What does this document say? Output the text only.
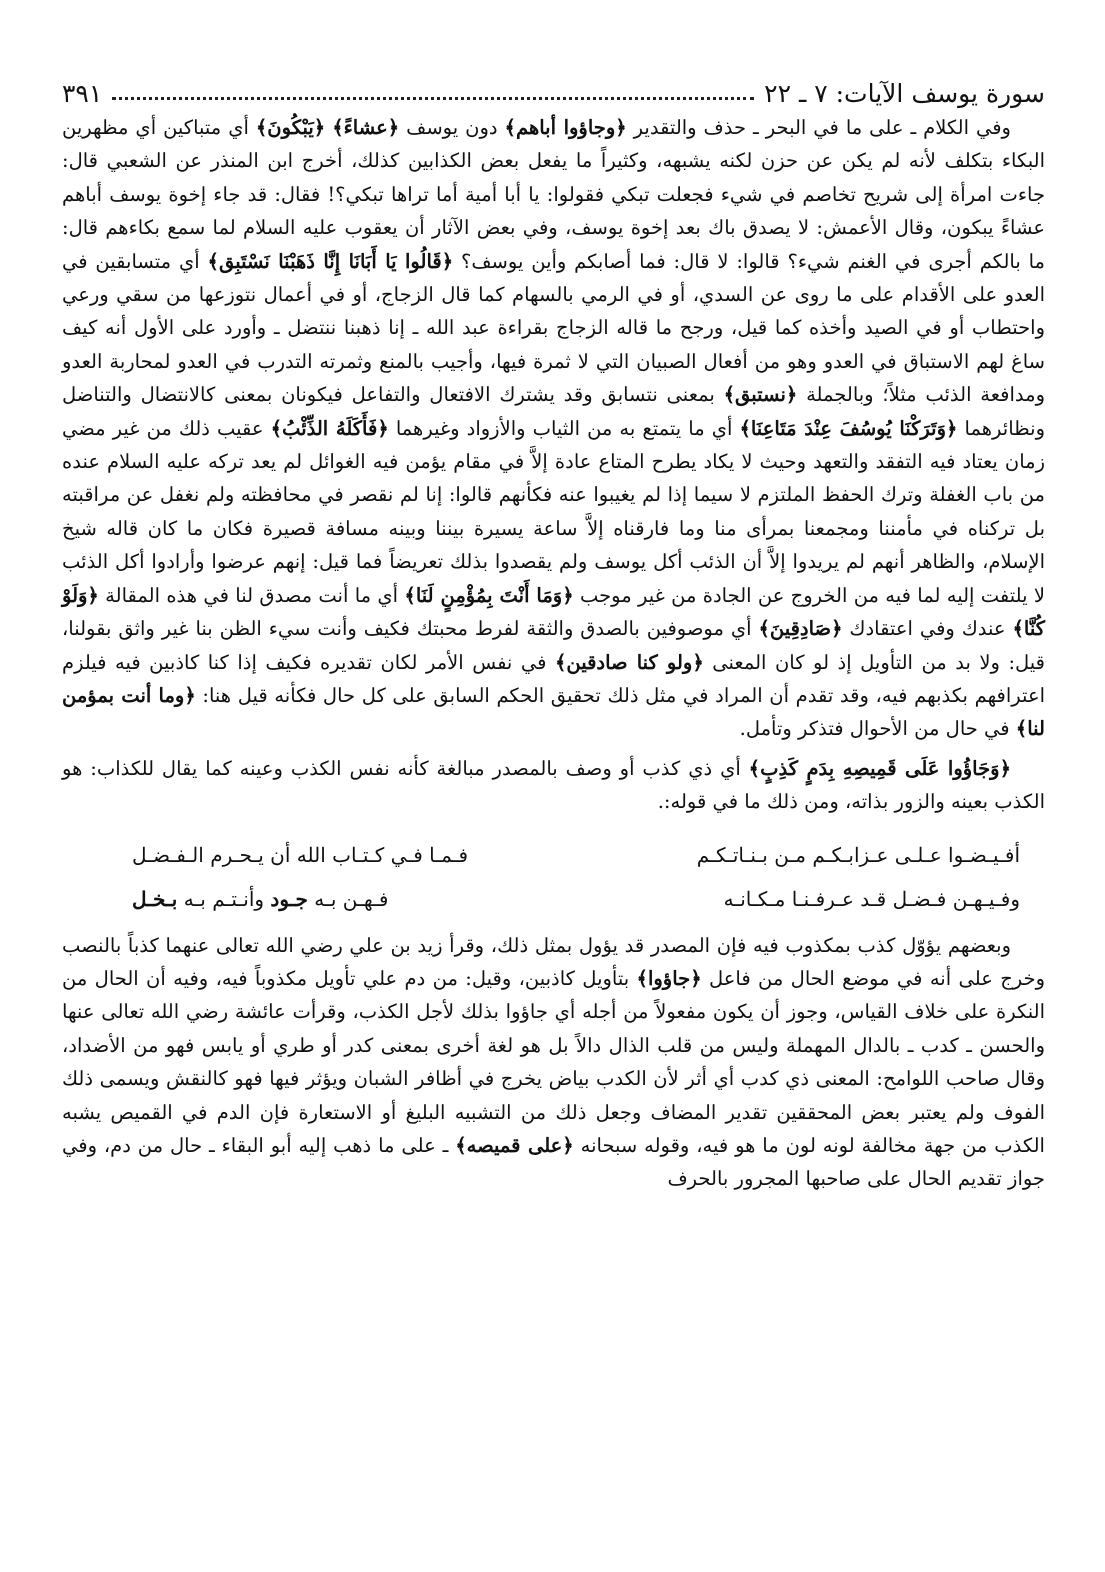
سورة يوسف الآيات: ٧ ـ ٢٢
٣٩١

وفي الكلام ـ على ما في البحر ـ حذف والتقدير ﴿وجاؤوا أباهم﴾ دون يوسف ﴿عشاءً﴾ ﴿يَبْكُونَ﴾ أي متباكين أي مظهرين البكاء بتكلف لأنه لم يكن عن حزن لكنه يشبهه، وكثيراً ما يفعل بعض الكذابين كذلك، أخرج ابن المنذر عن الشعبي قال: جاءت امرأة إلى شريح تخاصم في شيء فجعلت تبكي فقولوا: يا أبا أمية أما تراها تبكي؟! فقال: قد جاء إخوة يوسف أباهم عشاءً يبكون، وقال الأعمش: لا يصدق باك بعد إخوة يوسف، وفي بعض الآثار أن يعقوب عليه السلام لما سمع بكاءهم قال: ما بالكم أجرى في الغنم شيء؟ قالوا: لا قال: فما أصابكم وأين يوسف؟ ﴿قَالُوا يَا أَبَانَا إِنَّا ذَهَبْنَا نَسْتَبِق﴾ أي متسابقين في العدو على الأقدام على ما روى عن السدي، أو في الرمي بالسهام كما قال الزجاج، أو في أعمال نتوزعها من سقي ورعي واحتطاب أو في الصيد وأخذه كما قيل، ورجح ما قاله الزجاج بقراءة عبد الله ـ إنا ذهبنا ننتضل ـ وأورد على الأول أنه كيف ساغ لهم الاستباق في العدو وهو من أفعال الصبيان التي لا ثمرة فيها، وأجيب بالمنع وثمرته التدرب في العدو لمحاربة العدو ومدافعة الذئب مثلاً؛ وبالجملة ﴿نستبق﴾ بمعنى نتسابق وقد يشترك الافتعال والتفاعل فيكونان بمعنى كالانتضال والتناضل ونظائرهما ﴿وَتَرَكْنَا يُوسُفَ عِنْدَ مَتَاعِنَا﴾ أي ما يتمتع به من الثياب والأزواد وغيرهما ﴿فَأَكَلَهُ الذِّئْبُ﴾ عقيب ذلك من غير مضي زمان يعتاد فيه التفقد والتعهد وحيث لا يكاد يطرح المتاع عادة إلاَّ في مقام يؤمن فيه الغوائل لم يعد تركه عليه السلام عنده من باب الغفلة وترك الحفظ الملتزم لا سيما إذا لم يغيبوا عنه فكأنهم قالوا: إنا لم نقصر في محافظته ولم نغفل عن مراقبته بل تركناه في مأمننا ومجمعنا بمرأى منا وما فارقناه إلاَّ ساعة يسيرة بيننا وبينه مسافة قصيرة فكان ما كان قاله شيخ الإسلام، والظاهر أنهم لم يريدوا إلاَّ أن الذئب أكل يوسف ولم يقصدوا بذلك تعريضاً فما قيل: إنهم عرضوا وأرادوا أكل الذئب لا يلتفت إليه لما فيه من الخروج عن الجادة من غير موجب ﴿وَمَا أَنْتَ بِمُؤْمِنٍ لَنَا﴾ أي ما أنت مصدق لنا في هذه المقالة ﴿وَلَوْ كُنَّا﴾ عندك وفي اعتقادك ﴿صَادِقِينَ﴾ أي موصوفين بالصدق والثقة لفرط محبتك فكيف وأنت سيء الظن بنا غير واثق بقولنا، قيل: ولا بد من التأويل إذ لو كان المعنى ﴿ولو كنا صادقين﴾ في نفس الأمر لكان تقديره فكيف إذا كنا كاذبين فيه فيلزم اعترافهم بكذبهم فيه، وقد تقدم أن المراد في مثل ذلك تحقيق الحكم السابق على كل حال فكأنه قيل هنا: ﴿وما أنت بمؤمن لنا﴾ في حال من الأحوال فتذكر وتأمل.

﴿وَجَاؤُوا عَلَى قَمِيصِهِ بِدَمٍ كَذِبٍ﴾ أي ذي كذب أو وصف بالمصدر مبالغة كأنه نفس الكذب وعينه كما يقال للكذاب: هو الكذب بعينه والزور بذاته، ومن ذلك ما في قوله:.

أفـيـضـوا عـلـى عـزابـكـم مـن بـنـاتـكـم
فـمـا فـي كـتـاب الله أن يـحـرم الـفـضـل
وفـيـهـن فـضـل قـد عـرفـنـا مـكـانـه
فـهـن بـه جـود وأنـتـم بـه بـخـل

وبعضهم يؤوّل كذب بمكذوب فيه فإن المصدر قد يؤول بمثل ذلك، وقرأ زيد بن علي رضي الله تعالى عنهما كذباً بالنصب وخرج على أنه في موضع الحال من فاعل ﴿جاؤوا﴾ بتأويل كاذبين، وقيل: من دم علي تأويل مكذوباً فيه، وفيه أن الحال من النكرة على خلاف القياس، وجوز أن يكون مفعولاً من أجله أي جاؤوا بذلك لأجل الكذب، وقرأت عائشة رضي الله تعالى عنها والحسن ـ كدب ـ بالدال المهملة وليس من قلب الذال دالاً بل هو لغة أخرى بمعنى كدر أو طري أو يابس فهو من الأضداد، وقال صاحب اللوامح: المعنى ذي كدب أي أثر لأن الكدب بياض يخرج في أظافر الشبان ويؤثر فيها فهو كالنقش ويسمى ذلك الفوف ولم يعتبر بعض المحققين تقدير المضاف وجعل ذلك من التشبيه البليغ أو الاستعارة فإن الدم في القميص يشبه الكذب من جهة مخالفة لونه لون ما هو فيه، وقوله سبحانه ﴿على قميصه﴾ ـ على ما ذهب إليه أبو البقاء ـ حال من دم، وفي جواز تقديم الحال على صاحبها المجرور بالحرف
